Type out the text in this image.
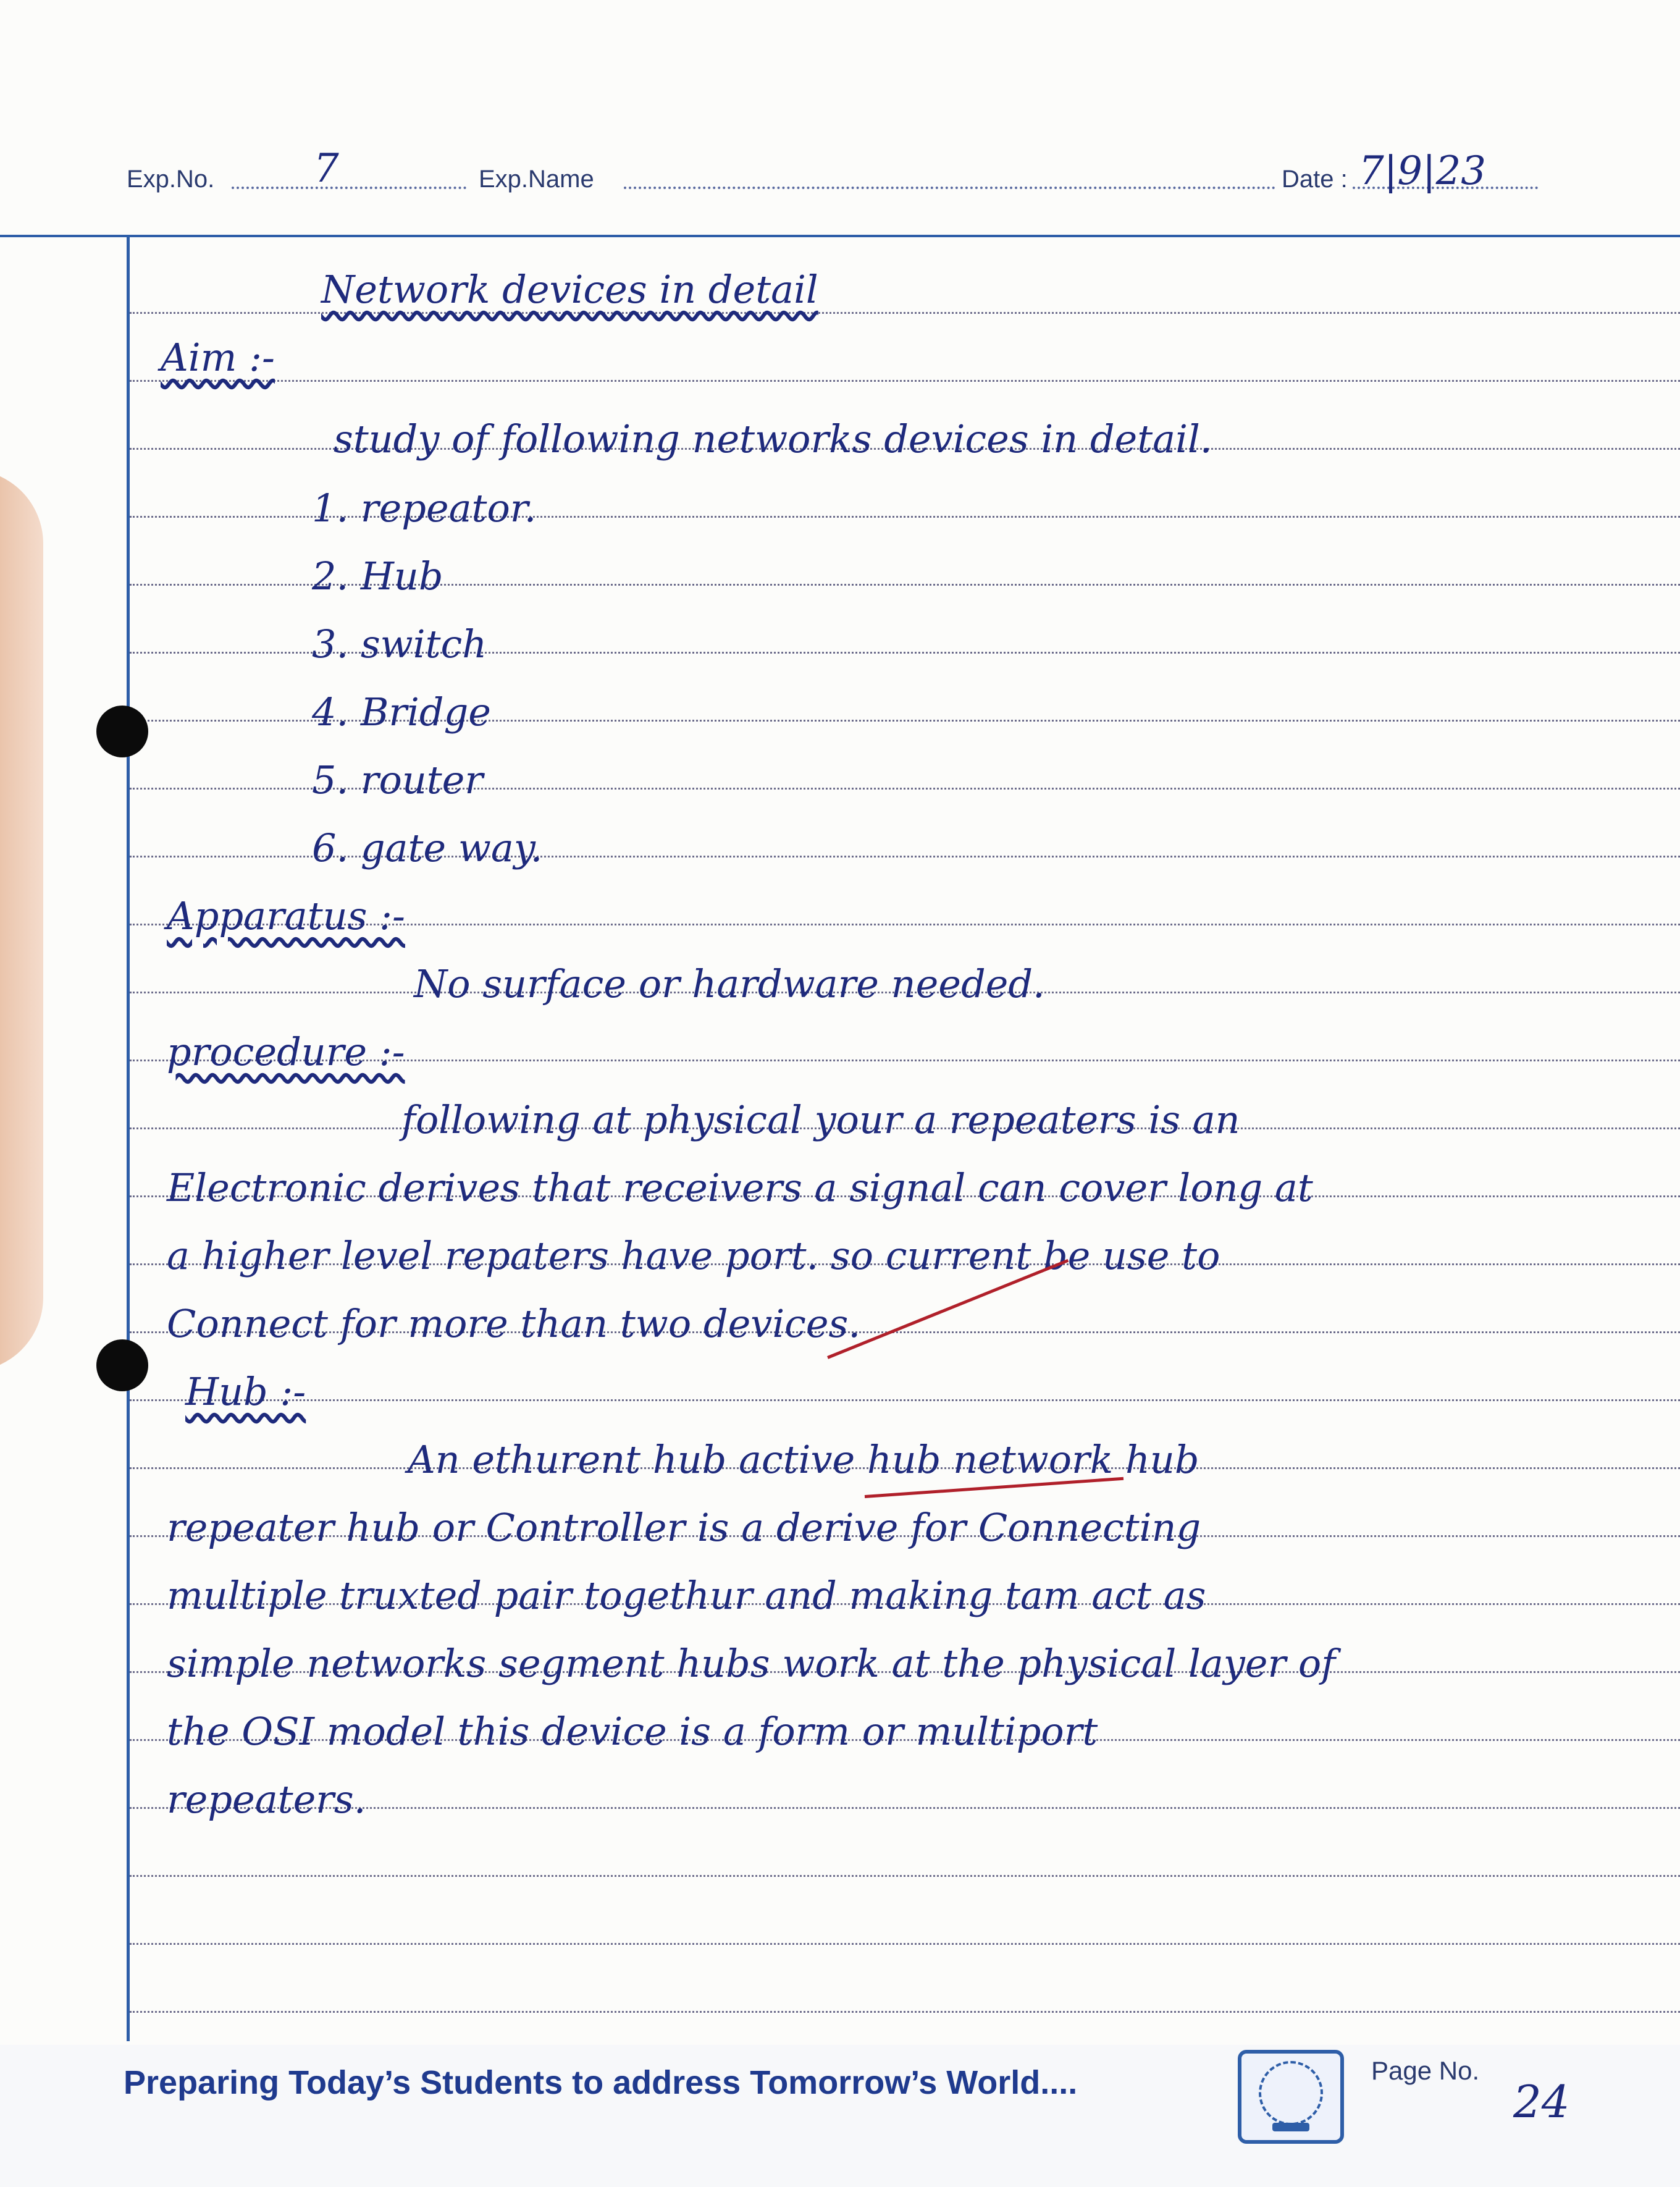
Exp.No.	7	Exp.Name	Date : 7|9|23
Network devices in detail
Aim :-
study of following networks devices in detail.
1. repeator.
2. Hub
3. switch
4. Bridge
5. router
6. gate way.
Apparatus :-
No surface or hardware needed.
procedure :-
following at physical your a repeaters is an
Electronic derives that receivers a signal can cover long at
a higher level repaters have port. so current be use to
Connect for more than two devices.
Hub :-
An ethurent hub active hub network hub
repeater hub or Controller is a derive for Connecting
multiple truxted pair togethur and making tam act as
simple networks segment hubs work at the physical layer of
the OSI model this device is a form or multiport
repeaters.
Preparing Today’s Students to address Tomorrow’s World....	Page No.
24
